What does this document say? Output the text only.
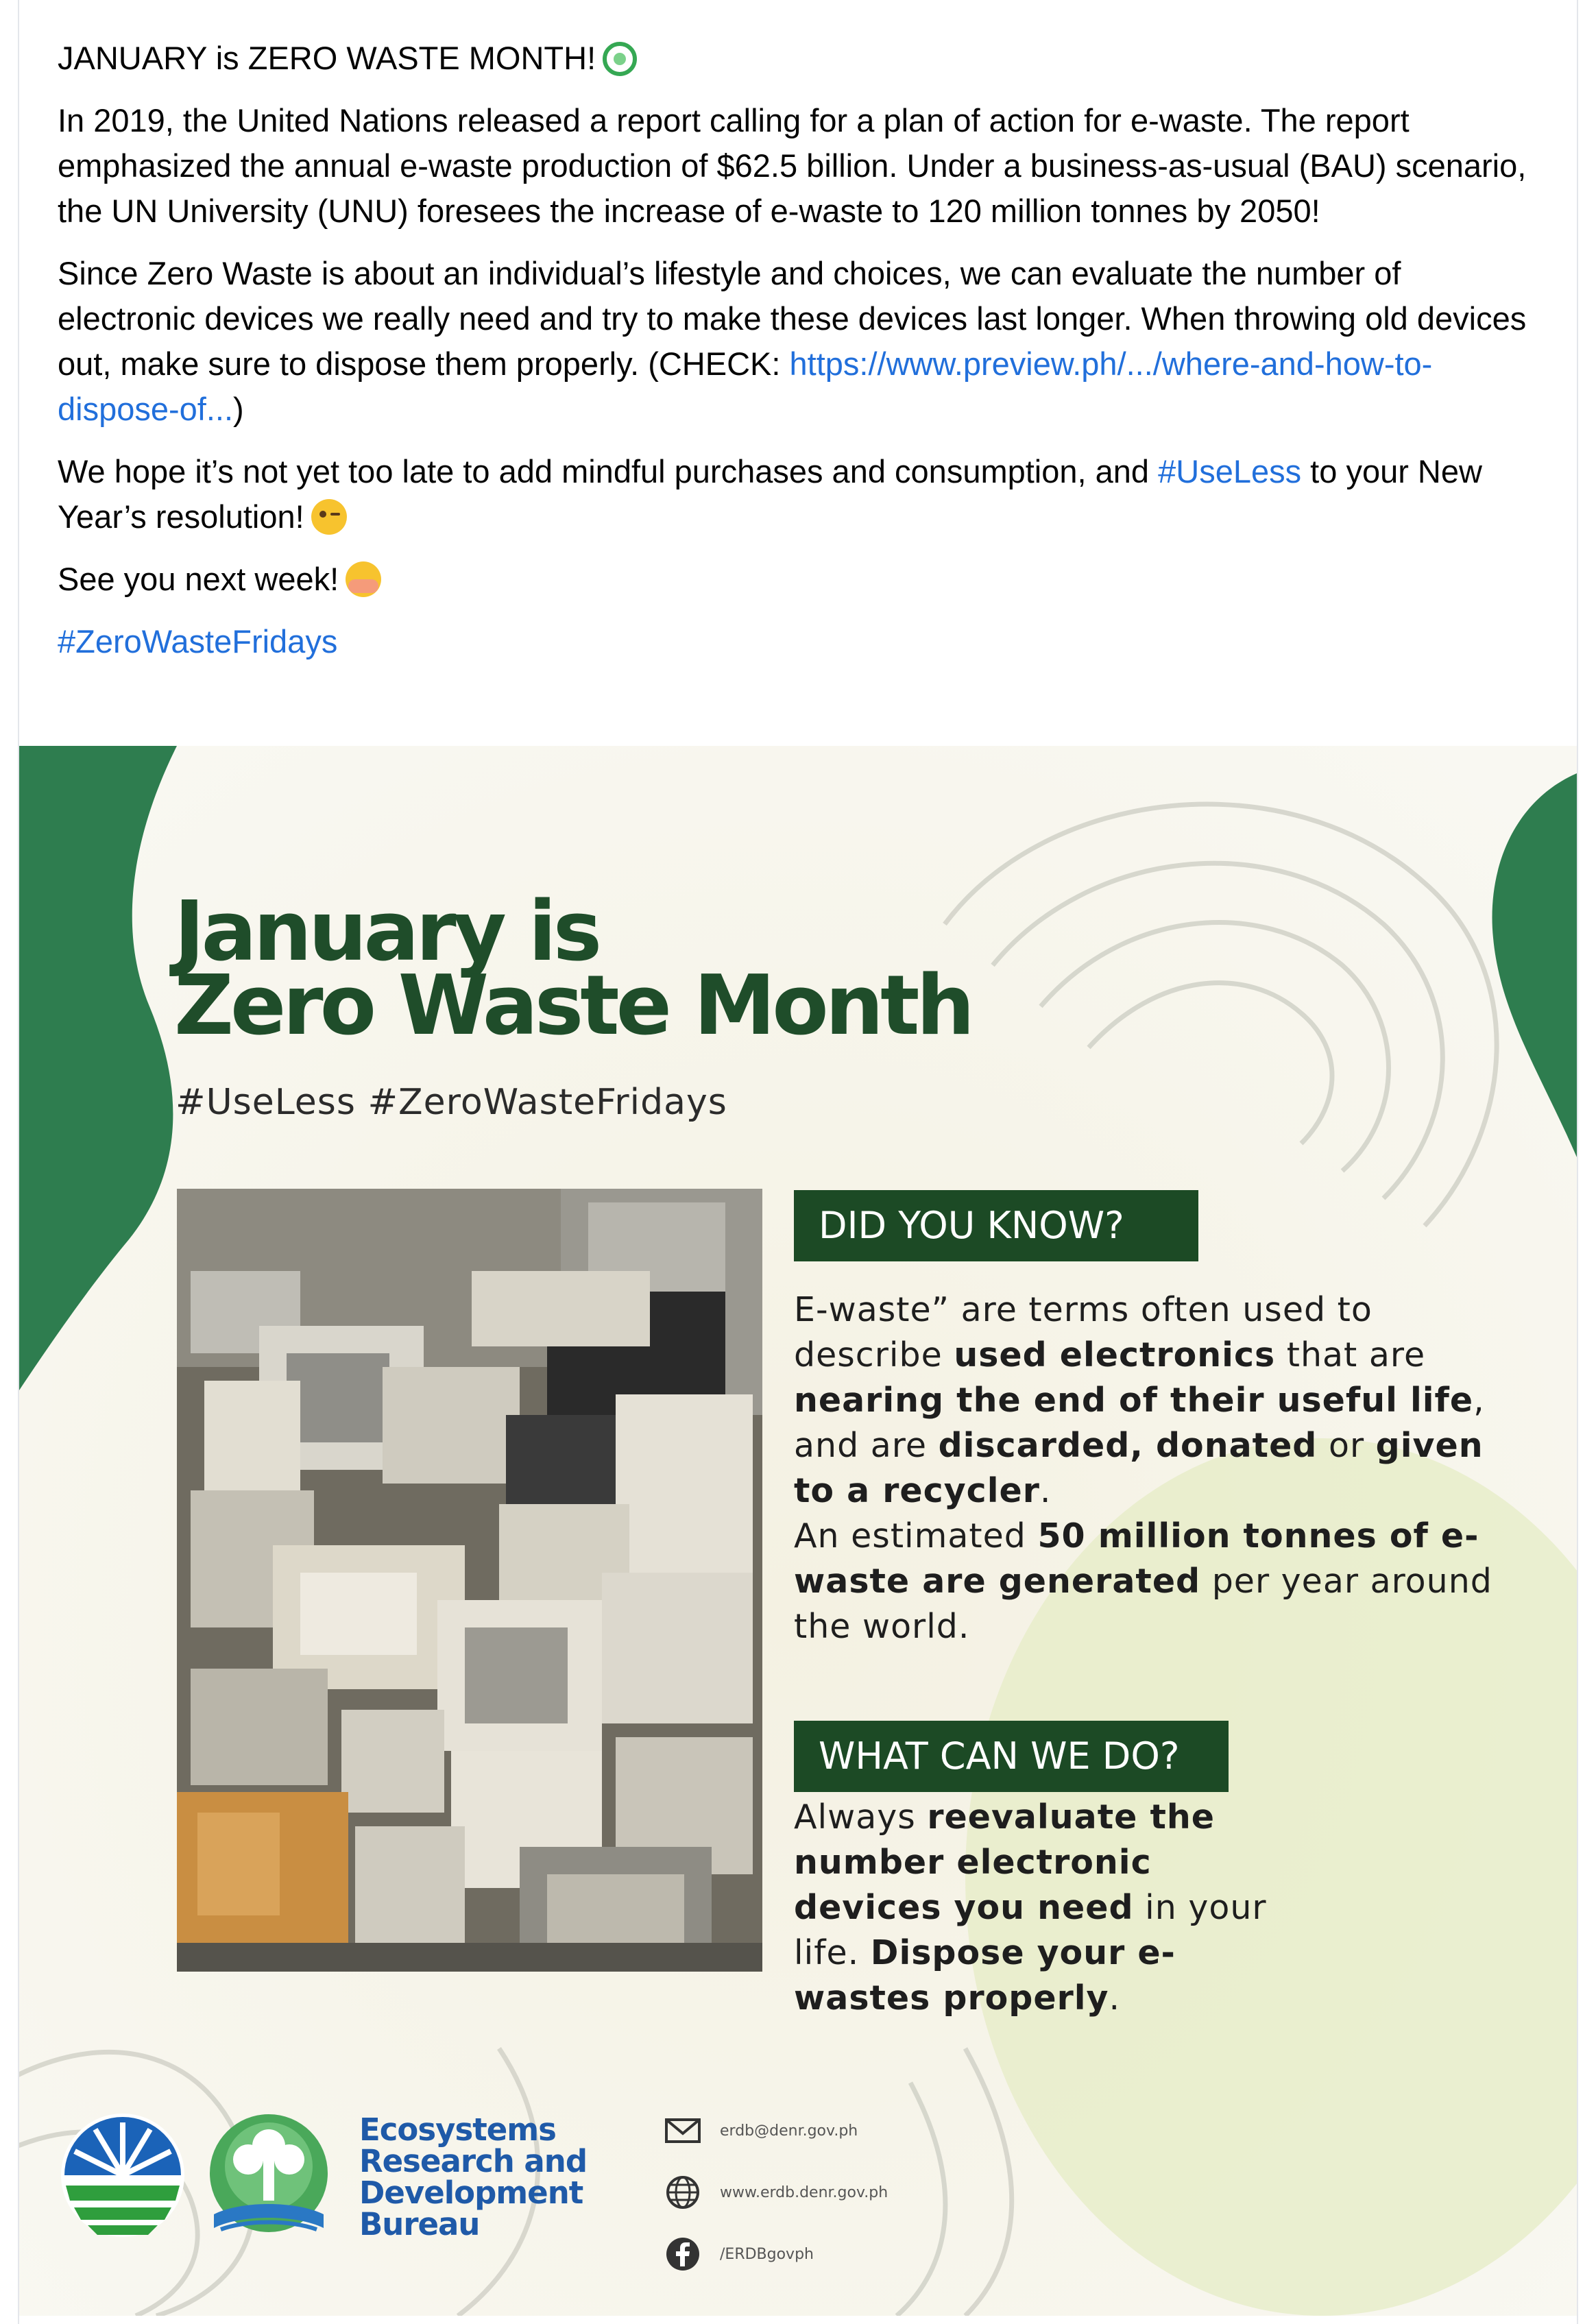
JANUARY is ZERO WASTE MONTH!

In 2019, the United Nations released a report calling for a plan of action for e-waste. The report emphasized the annual e-waste production of $62.5 billion. Under a business-as-usual (BAU) scenario, the UN University (UNU) foresees the increase of e-waste to 120 million tonnes by 2050!

Since Zero Waste is about an individual’s lifestyle and choices, we can evaluate the number of electronic devices we really need and try to make these devices last longer. When throwing old devices out, make sure to dispose them properly. (CHECK: https://www.preview.ph/.../where-and-how-to-dispose-of...)

We hope it’s not yet too late to add mindful purchases and consumption, and #UseLess to your New Year’s resolution!

See you next week!

#ZeroWasteFridays

January is
Zero Waste Month
#UseLess #ZeroWasteFridays
DID YOU KNOW?
E-waste” are terms often used to describe used electronics that are nearing the end of their useful life, and are discarded, donated or given to a recycler.
An estimated 50 million tonnes of e-waste are generated per year around the world.
WHAT CAN WE DO?
Always reevaluate the number electronic devices you need in your life. Dispose your e-wastes properly.
Ecosystems
Research and
Development
Bureau
erdb@denr.gov.ph
www.erdb.denr.gov.ph
/ERDBgovph
